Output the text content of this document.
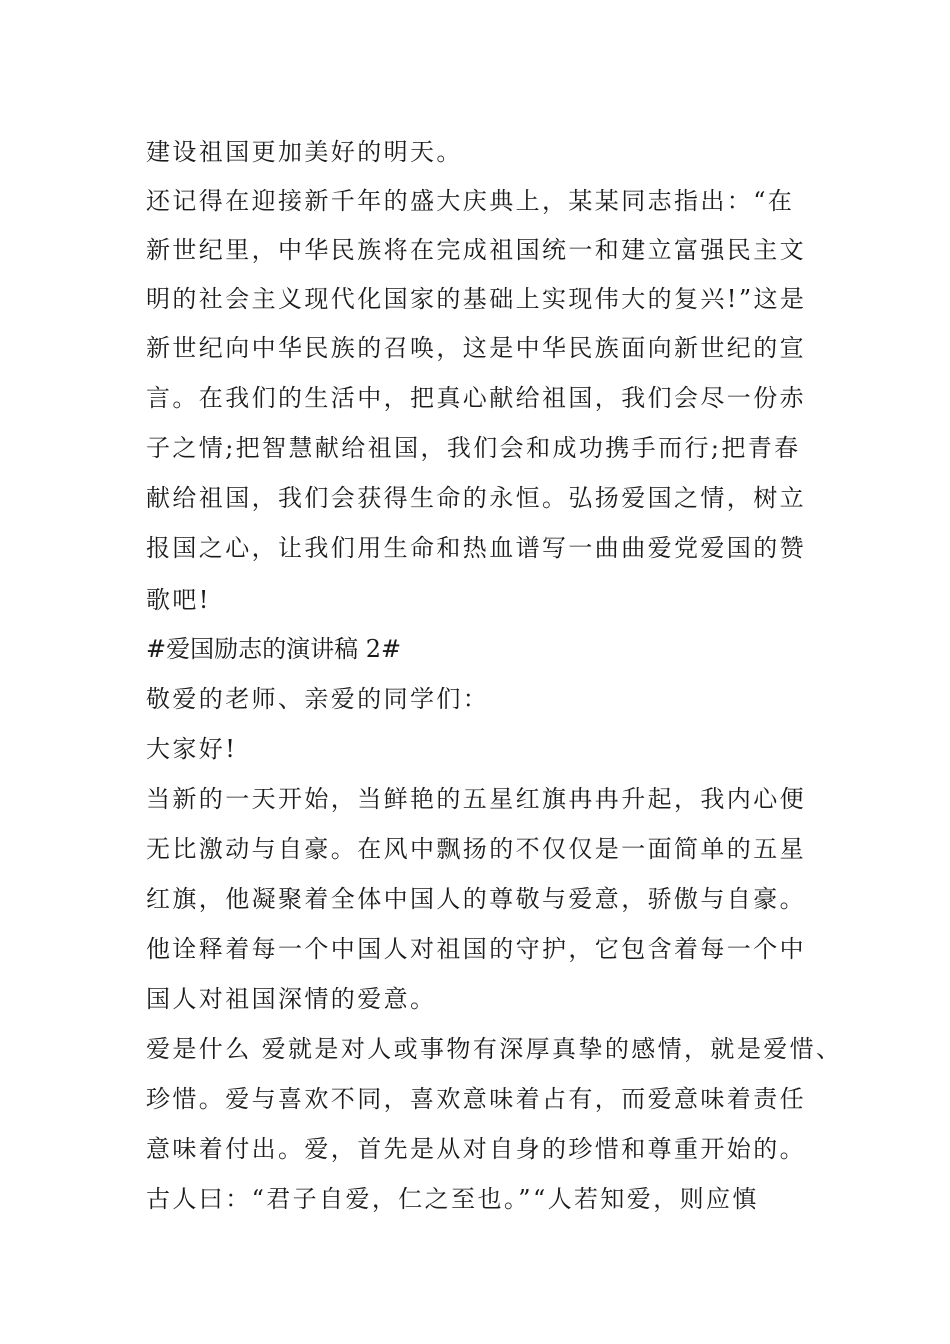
建设祖国更加美好的明天。
还记得在迎接新千年的盛大庆典上，某某同志指出：“在
新世纪里，中华民族将在完成祖国统一和建立富强民主文
明的社会主义现代化国家的基础上实现伟大的复兴!”这是
新世纪向中华民族的召唤，这是中华民族面向新世纪的宣
言。在我们的生活中，把真心献给祖国，我们会尽一份赤
子之情;把智慧献给祖国，我们会和成功携手而行;把青春
献给祖国，我们会获得生命的永恒。弘扬爱国之情，树立
报国之心，让我们用生命和热血谱写一曲曲爱党爱国的赞
歌吧!
#爱国励志的演讲稿 2#
敬爱的老师、亲爱的同学们：
大家好!
当新的一天开始，当鲜艳的五星红旗冉冉升起，我内心便
无比激动与自豪。在风中飘扬的不仅仅是一面简单的五星
红旗，他凝聚着全体中国人的尊敬与爱意，骄傲与自豪。
他诠释着每一个中国人对祖国的守护，它包含着每一个中
国人对祖国深情的爱意。
爱是什么 爱就是对人或事物有深厚真挚的感情，就是爱惜、
珍惜。爱与喜欢不同，喜欢意味着占有，而爱意味着责任
意味着付出。爱，首先是从对自身的珍惜和尊重开始的。
古人曰：“君子自爱，仁之至也。”“人若知爱，则应慎
